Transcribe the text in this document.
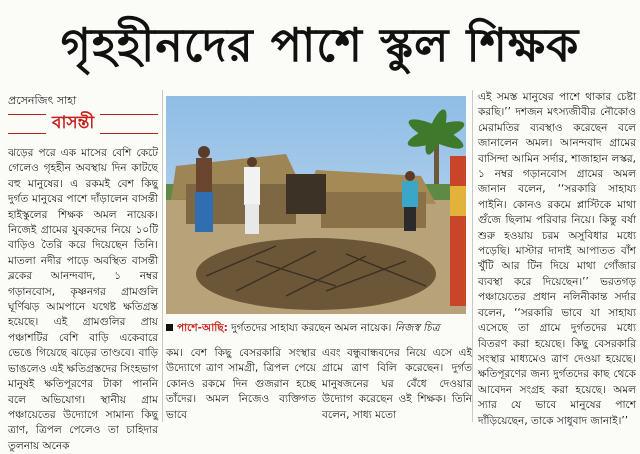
গৃহহীনদের পাশে স্কুল শিক্ষক
প্রসেনজিৎ সাহা
বাসন্তী

ঝড়ের পরে এক মাসের বেশি কেটে গেলেও গৃহহীন অবস্থায় দিন কাটছে বহু মানুষের। এ রকমই বেশ কিছু দুর্গত মানুষের পাশে দাঁড়ালেন বাসন্তী হাইস্কুলের শিক্ষক অমল নায়েক। নিজেই গ্রামের যুবকদের নিয়ে ১০টি বাড়িও তৈরি করে দিয়েছেন তিনি। মাতলা নদীর পাড়ে অবস্থিত বাসন্তী ব্লকের আনন্দবাদ, ১ নম্বর গড়ানবোস, কৃষ্ণনগর গ্রামগুলি ঘূর্ণিঝড় আমপানে যথেষ্ট ক্ষতিগ্রস্ত হয়েছে। এই গ্রামগুলির প্রায় পঞ্চাশটির বেশি বাড়ি একেবারে ভেঙে গিয়েছে ঝড়ের তাণ্ডবে। বাড়ি ভাঙলেও এই ক্ষতিগ্রস্তদের সিংহভাগ মানুষই ক্ষতিপূরণের টাকা পাননি বলে অভিযোগ। স্থানীয় গ্রাম পঞ্চায়েতের উদ্যোগে সামান্য কিছু ত্রাণ, ত্রিপল পেলেও তা চাহিদার তুলনায় অনেক

পাশে-আছি: দুর্গতদের সাহায্য করছেন অমল নায়েক। নিজস্ব চিত্র

কম। বেশ কিছু বেসরকারি সংস্থার উদ্যোগে ত্রাণ সামগ্রী, ত্রিপল পেয়ে কোনও রকমে দিন গুজরান হচ্ছে তাঁদের। অমল নিজেও ব্যক্তিগত ভাবে

এবং বন্ধুবান্ধবদের নিয়ে এসে এই গ্রামে ত্রাণ বিলি করেছেন। দুর্গত মানুষজনের ঘর বেঁধে দেওয়ার উদ্যোগ করেছেন ওই শিক্ষক। তিনি বলেন, সাধ্য মতো

এই সমস্ত মানুষের পাশে থাকার চেষ্টা করছি।’’ দশজন মৎস্যজীবীর নৌকোও মেরামতির ব্যবস্থাও করেছেন বলে জানালেন অমল। আনন্দবাদ গ্রামের বাসিন্দা আমিন সর্দার, শাজাহান লস্কর, ১ নম্বর গড়ানবোস গ্রামের অমল জানান বলেন, ‘‘সরকারি সাহায্য পাইনি। কোনও রকমে প্লাস্টিকে মাথা গুঁজে ছিলাম পরিবার নিয়ে। কিন্তু বর্ষা শুরু হওয়ায় চরম অসুবিধার মধ্যে পড়েছি। মাস্টার দাদাই আপাতত বাঁশ খুঁটি আর টিন দিয়ে মাথা গোঁজার ব্যবস্থা করে দিয়েছেন।’’ ভরতগড় পঞ্চায়েতের প্রধান নলিনীকান্ত সর্দার বলেন, ‘‘সরকারি ভাবে যা সাহায্য এসেছে তা গ্রামে দুর্গতদের মধ্যে বিতরণ করা হয়েছে। কিছু বেসরকারি সংস্থার মাধ্যমেও ত্রাণ দেওয়া হয়েছে। ক্ষতিপূরণের জন্য দুর্গতদের কাছ থেকে আবেদন সংগ্রহ করা হয়েছে। অমল স্যার যে ভাবে মানুষের পাশে দাঁড়িয়েছেন, তাকে সাধুবাদ জানাই।’’
